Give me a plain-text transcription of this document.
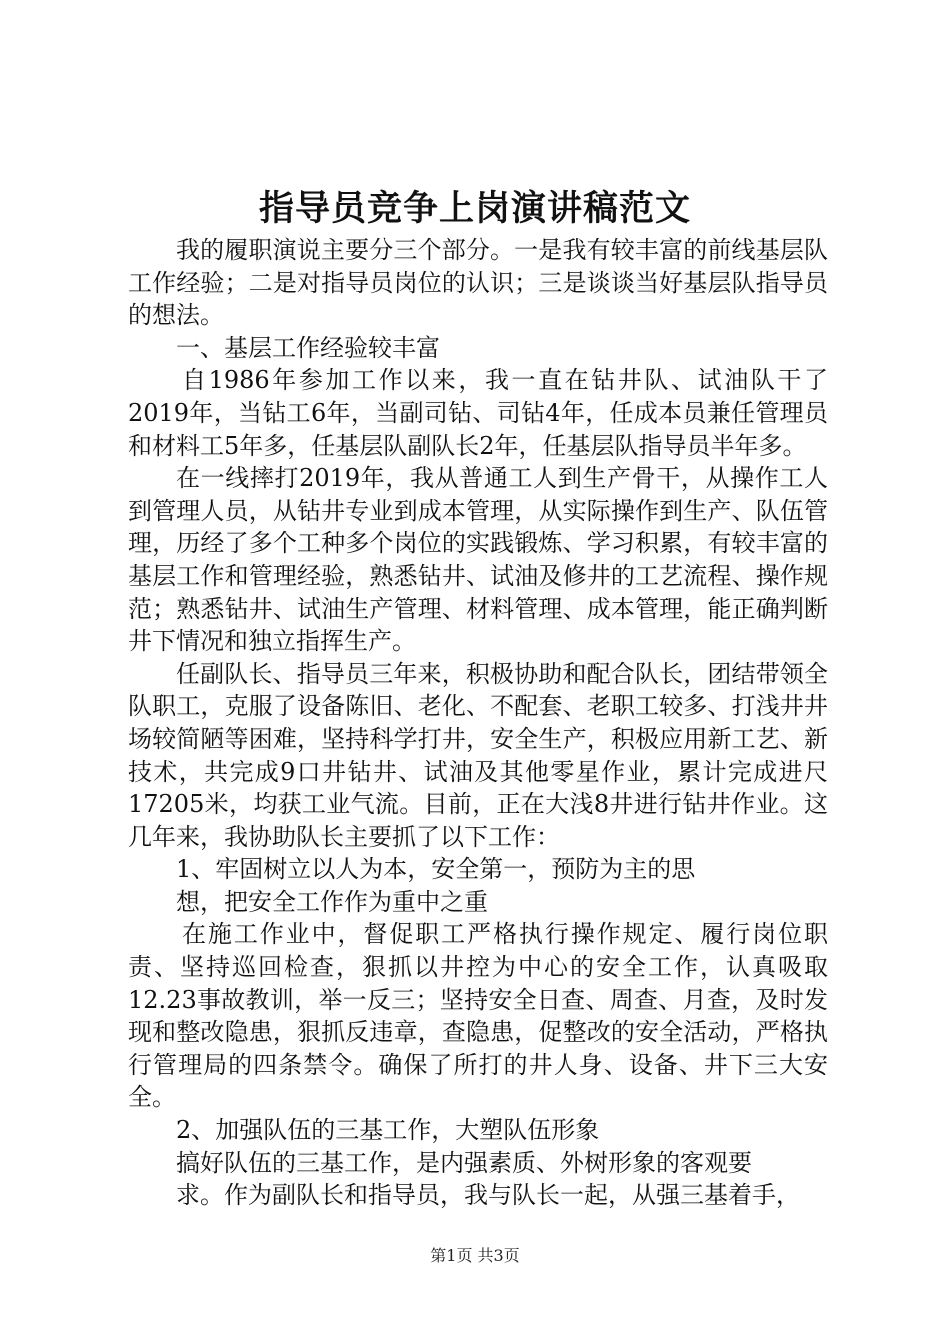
指导员竞争上岗演讲稿范文

我的履职演说主要分三个部分。一是我有较丰富的前线基层队工作经验；二是对指导员岗位的认识；三是谈谈当好基层队指导员的想法。

一、基层工作经验较丰富

自1986年参加工作以来，我一直在钻井队、试油队干了2019年，当钻工6年，当副司钻、司钻4年，任成本员兼任管理员和材料工5年多，任基层队副队长2年，任基层队指导员半年多。

在一线摔打2019年，我从普通工人到生产骨干，从操作工人到管理人员，从钻井专业到成本管理，从实际操作到生产、队伍管理，历经了多个工种多个岗位的实践锻炼、学习积累，有较丰富的基层工作和管理经验，熟悉钻井、试油及修井的工艺流程、操作规范；熟悉钻井、试油生产管理、材料管理、成本管理，能正确判断井下情况和独立指挥生产。

任副队长、指导员三年来，积极协助和配合队长，团结带领全队职工，克服了设备陈旧、老化、不配套、老职工较多、打浅井井场较简陋等困难，坚持科学打井，安全生产，积极应用新工艺、新技术，共完成9口井钻井、试油及其他零星作业，累计完成进尺17205米，均获工业气流。目前，正在大浅8井进行钻井作业。这几年来，我协助队长主要抓了以下工作：

1、牢固树立以人为本，安全第一，预防为主的思

想，把安全工作作为重中之重

在施工作业中，督促职工严格执行操作规定、履行岗位职责、坚持巡回检查，狠抓以井控为中心的安全工作，认真吸取12.23事故教训，举一反三；坚持安全日查、周查、月查，及时发现和整改隐患，狠抓反违章，查隐患，促整改的安全活动，严格执行管理局的四条禁令。确保了所打的井人身、设备、井下三大安全。

2、加强队伍的三基工作，大塑队伍形象

搞好队伍的三基工作，是内强素质、外树形象的客观要

求。作为副队长和指导员，我与队长一起，从强三基着手，

第1页 共3页
